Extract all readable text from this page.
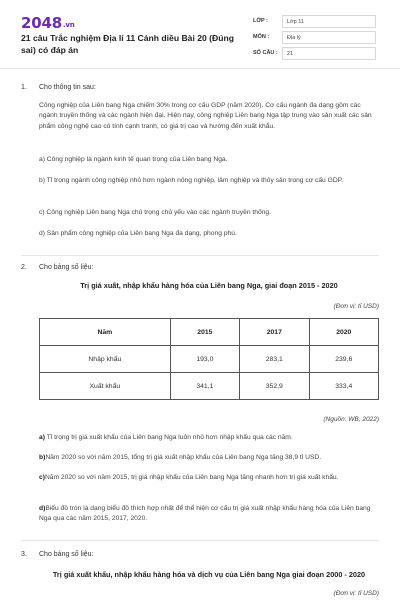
2048.vn
21 câu Trắc nghiệm Địa lí 11 Cánh diều Bài 20 (Đúng sai) có đáp án
LỚP :	Lớp 11
MÔN :	Địa lý
SỐ CÂU :	21
1. Cho thông tin sau:

Công nghiệp của Liên bang Nga chiếm 30% trong cơ cấu GDP (năm 2020). Cơ cấu ngành đa dạng gồm các ngành truyền thống và các ngành hiện đại. Hiện nay, công nghiệp Liên bang Nga tập trung vào sản xuất các sản phẩm công nghệ cao có tính cạnh tranh, có giá trị cao và hướng đến xuất khẩu.

a) Công nghiệp là ngành kinh tế quan trọng của Liên bang Nga.

b) Tỉ trọng ngành công nghiệp nhỏ hơn ngành nông nghiệp, lâm nghiệp và thủy sản trong cơ cấu GDP.

c) Công nghiệp Liên bang Nga chủ trọng chủ yếu vào các ngành truyền thống.

d) Sản phẩm công nghiệp của Liên bang Nga đa dạng, phong phú.

2. Cho bảng số liệu:
Trị giá xuất, nhập khẩu hàng hóa của Liên bang Nga, giai đoạn 2015 - 2020
(Đơn vị: tỉ USD)
Năm	2015	2017	2020
Nhập khẩu	193,0	283,1	239,6
Xuất khẩu	341,1	352,9	333,4
(Nguồn: WB, 2022)

a) Tỉ trọng trị giá xuất khẩu của Liên bang Nga luôn nhỏ hơn nhập khẩu qua các năm.

b)Năm 2020 so với năm 2015, tổng trị giá xuất nhập khẩu của Liên bang Nga tăng 38,9 tỉ USD.

c)Năm 2020 so với năm 2015, trị giá nhập khẩu của Liên bang Nga tăng nhanh hơn trị giá xuất khẩu.

d)Biểu đồ tròn là dạng biểu đồ thích hợp nhất để thể hiện cơ cấu trị giá xuất nhập khẩu hàng hóa của Liên bang Nga qua các năm 2015, 2017, 2020.

3. Cho bảng số liệu:
Trị giá xuất khẩu, nhập khẩu hàng hóa và dịch vụ của Liên bang Nga giai đoạn 2000 - 2020
(Đơn vị: tỉ USD)
